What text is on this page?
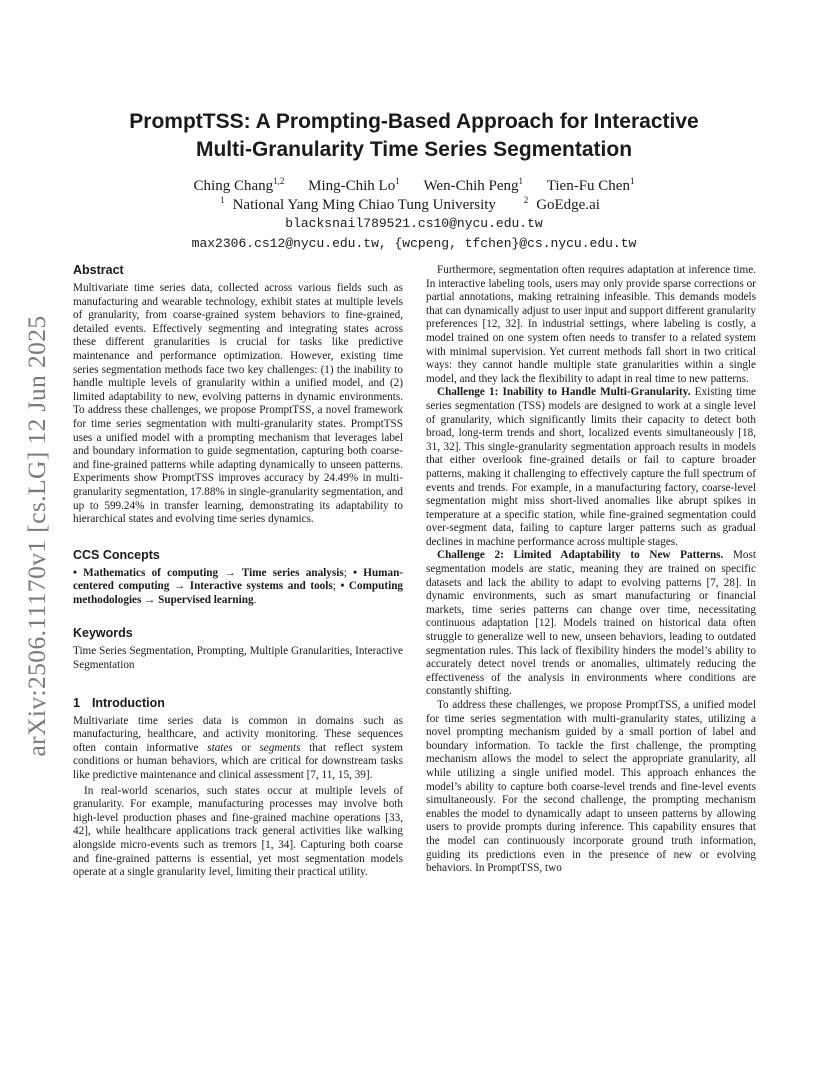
arXiv:2506.11170v1 [cs.LG] 12 Jun 2025
PromptTSS: A Prompting-Based Approach for Interactive
Multi-Granularity Time Series Segmentation
Ching Chang$^{1,2}$ Ming-Chih Lo$^1$ Wen-Chih Peng$^1$ Tien-Fu Chen$^1$
$^1$ National Yang Ming Chiao Tung University	$^2$ GoEdge.ai
blacksnail789521.cs10@nycu.edu.tw
max2306.cs12@nycu.edu.tw, {wcpeng, tfchen}@cs.nycu.edu.tw
Abstract

Multivariate time series data, collected across various fields such as manufacturing and wearable technology, exhibit states at multiple levels of granularity, from coarse-grained system behaviors to fine-grained, detailed events. Effectively segmenting and integrating states across these different granularities is crucial for tasks like predictive maintenance and performance optimization. However, existing time series segmentation methods face two key challenges: (1) the inability to handle multiple levels of granularity within a unified model, and (2) limited adaptability to new, evolving patterns in dynamic environments. To address these challenges, we propose PromptTSS, a novel framework for time series segmentation with multi-granularity states. PromptTSS uses a unified model with a prompting mechanism that leverages label and boundary information to guide segmentation, capturing both coarse- and fine-grained patterns while adapting dynamically to unseen patterns. Experiments show PromptTSS improves accuracy by 24.49% in multi-granularity segmentation, 17.88% in single-granularity segmentation, and up to 599.24% in transfer learning, demonstrating its adaptability to hierarchical states and evolving time series dynamics.

CCS Concepts

• Mathematics of computing → Time series analysis; • Human-centered computing → Interactive systems and tools; • Computing methodologies → Supervised learning.

Keywords

Time Series Segmentation, Prompting, Multiple Granularities, Interactive Segmentation

1 Introduction

Multivariate time series data is common in domains such as manufacturing, healthcare, and activity monitoring. These sequences often contain informative states or segments that reflect system conditions or human behaviors, which are critical for downstream tasks like predictive maintenance and clinical assessment [7, 11, 15, 39].

In real-world scenarios, such states occur at multiple levels of granularity. For example, manufacturing processes may involve both high-level production phases and fine-grained machine operations [33, 42], while healthcare applications track general activities like walking alongside micro-events such as tremors [1, 34]. Capturing both coarse and fine-grained patterns is essential, yet most segmentation models operate at a single granularity level, limiting their practical utility.

Furthermore, segmentation often requires adaptation at inference time. In interactive labeling tools, users may only provide sparse corrections or partial annotations, making retraining infeasible. This demands models that can dynamically adjust to user input and support different granularity preferences [12, 32]. In industrial settings, where labeling is costly, a model trained on one system often needs to transfer to a related system with minimal supervision. Yet current methods fall short in two critical ways: they cannot handle multiple state granularities within a single model, and they lack the flexibility to adapt in real time to new patterns.

Challenge 1: Inability to Handle Multi-Granularity. Existing time series segmentation (TSS) models are designed to work at a single level of granularity, which significantly limits their capacity to detect both broad, long-term trends and short, localized events simultaneously [18, 31, 32]. This single-granularity segmentation approach results in models that either overlook fine-grained details or fail to capture broader patterns, making it challenging to effectively capture the full spectrum of events and trends. For example, in a manufacturing factory, coarse-level segmentation might miss short-lived anomalies like abrupt spikes in temperature at a specific station, while fine-grained segmentation could over-segment data, failing to capture larger patterns such as gradual declines in machine performance across multiple stages.

Challenge 2: Limited Adaptability to New Patterns. Most segmentation models are static, meaning they are trained on specific datasets and lack the ability to adapt to evolving patterns [7, 28]. In dynamic environments, such as smart manufacturing or financial markets, time series patterns can change over time, necessitating continuous adaptation [12]. Models trained on historical data often struggle to generalize well to new, unseen behaviors, leading to outdated segmentation rules. This lack of flexibility hinders the model’s ability to accurately detect novel trends or anomalies, ultimately reducing the effectiveness of the analysis in environments where conditions are constantly shifting.

To address these challenges, we propose PromptTSS, a unified model for time series segmentation with multi-granularity states, utilizing a novel prompting mechanism guided by a small portion of label and boundary information. To tackle the first challenge, the prompting mechanism allows the model to select the appropriate granularity, all while utilizing a single unified model. This approach enhances the model’s ability to capture both coarse-level trends and fine-level events simultaneously. For the second challenge, the prompting mechanism enables the model to dynamically adapt to unseen patterns by allowing users to provide prompts during inference. This capability ensures that the model can continuously incorporate ground truth information, guiding its predictions even in the presence of new or evolving behaviors. In PromptTSS, two
